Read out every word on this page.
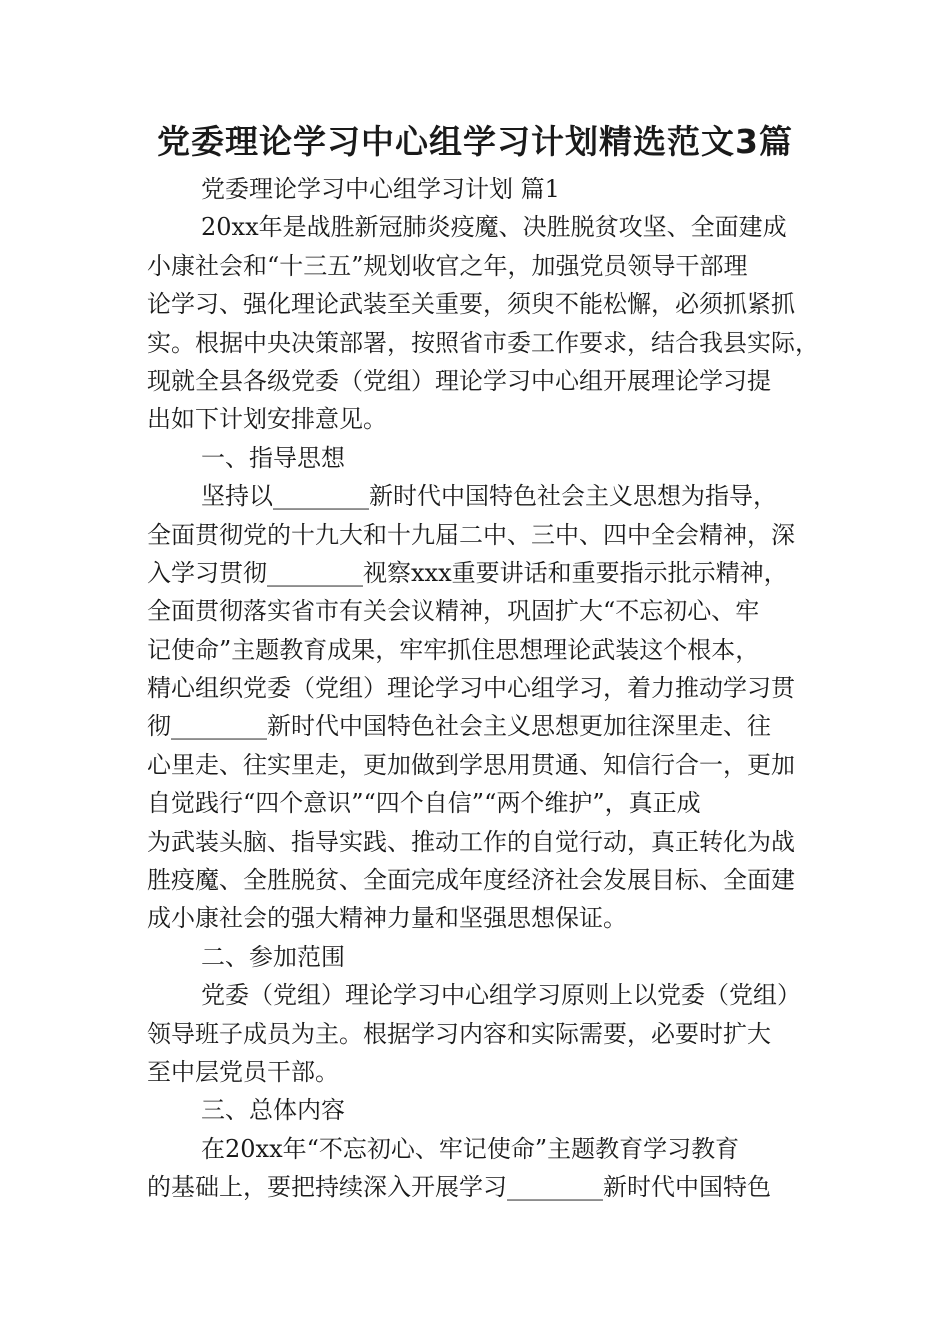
党委理论学习中心组学习计划精选范文3篇
党委理论学习中心组学习计划 篇1
20xx年是战胜新冠肺炎疫魔、决胜脱贫攻坚、全面建成
小康社会和“十三五”规划收官之年，加强党员领导干部理
论学习、强化理论武装至关重要，须臾不能松懈，必须抓紧抓
实。根据中央决策部署，按照省市委工作要求，结合我县实际，
现就全县各级党委（党组）理论学习中心组开展理论学习提
出如下计划安排意见。
一、指导思想
坚持以________新时代中国特色社会主义思想为指导，
全面贯彻党的十九大和十九届二中、三中、四中全会精神，深
入学习贯彻________视察xxx重要讲话和重要指示批示精神，
全面贯彻落实省市有关会议精神，巩固扩大“不忘初心、牢
记使命”主题教育成果，牢牢抓住思想理论武装这个根本，
精心组织党委（党组）理论学习中心组学习，着力推动学习贯
彻________新时代中国特色社会主义思想更加往深里走、往
心里走、往实里走，更加做到学思用贯通、知信行合一，更加
自觉践行“四个意识”“四个自信”“两个维护”，真正成
为武装头脑、指导实践、推动工作的自觉行动，真正转化为战
胜疫魔、全胜脱贫、全面完成年度经济社会发展目标、全面建
成小康社会的强大精神力量和坚强思想保证。
二、参加范围
党委（党组）理论学习中心组学习原则上以党委（党组）
领导班子成员为主。根据学习内容和实际需要，必要时扩大
至中层党员干部。
三、总体内容
在20xx年“不忘初心、牢记使命”主题教育学习教育
的基础上，要把持续深入开展学习________新时代中国特色
